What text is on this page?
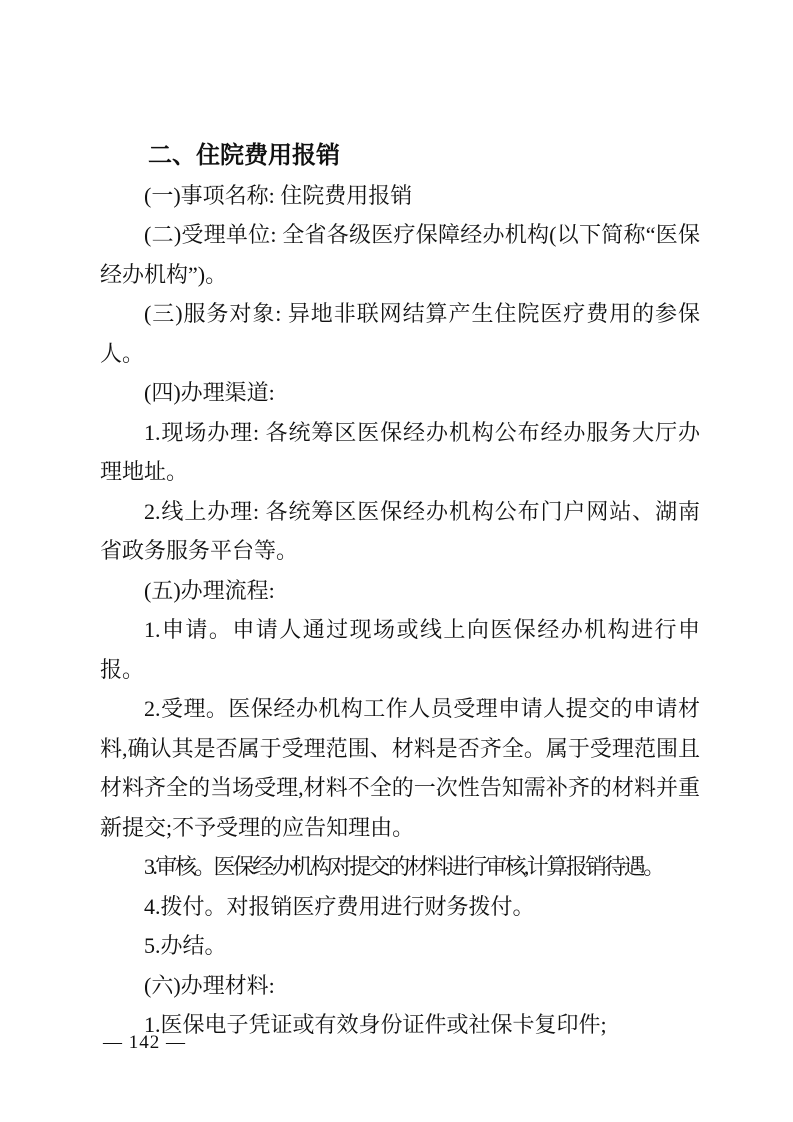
二、住院费用报销

(一)事项名称: 住院费用报销

(二)受理单位: 全省各级医疗保障经办机构(以下简称“医保经办机构”)。

(三)服务对象: 异地非联网结算产生住院医疗费用的参保人。

(四)办理渠道:

1.现场办理: 各统筹区医保经办机构公布经办服务大厅办理地址。

2.线上办理: 各统筹区医保经办机构公布门户网站、湖南省政务服务平台等。

(五)办理流程:

1.申请。申请人通过现场或线上向医保经办机构进行申报。

2.受理。医保经办机构工作人员受理申请人提交的申请材料,确认其是否属于受理范围、材料是否齐全。属于受理范围且材料齐全的当场受理,材料不全的一次性告知需补齐的材料并重新提交;不予受理的应告知理由。

3.审核。医保经办机构对提交的材料进行审核,计算报销待遇。

4.拨付。对报销医疗费用进行财务拨付。

5.办结。

(六)办理材料:

1.医保电子凭证或有效身份证件或社保卡复印件;

— 142 —
